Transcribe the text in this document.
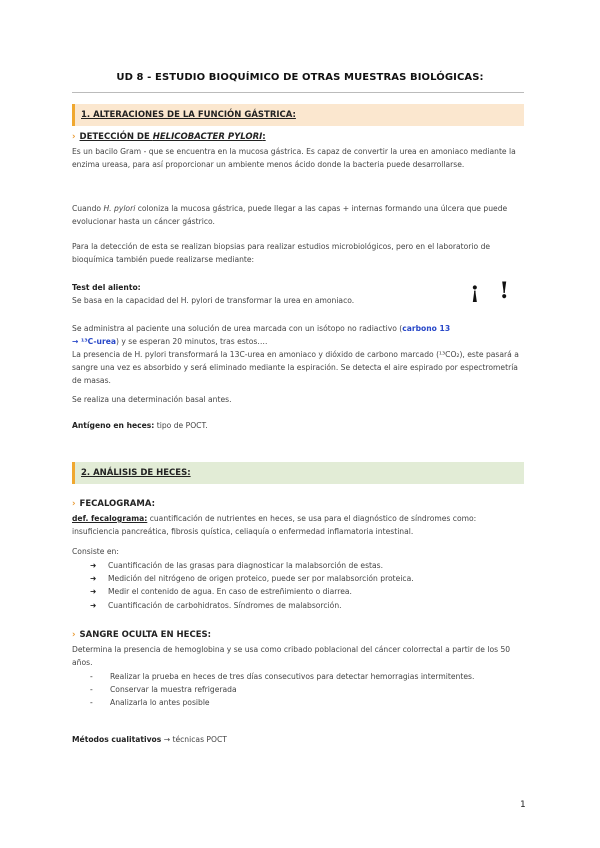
UD 8 - ESTUDIO BIOQUÍMICO DE OTRAS MUESTRAS BIOLÓGICAS:
1. ALTERACIONES DE LA FUNCIÓN GÁSTRICA:
› DETECCIÓN DE HELICOBACTER PYLORI:
Es un bacilo Gram - que se encuentra en la mucosa gástrica. Es capaz de convertir la urea en amoniaco mediante la enzima ureasa, para así proporcionar un ambiente menos ácido donde la bacteria puede desarrollarse.
Cuando H. pylori coloniza la mucosa gástrica, puede llegar a las capas + internas formando una úlcera que puede evolucionar hasta un cáncer gástrico.
Para la detección de esta se realizan biopsias para realizar estudios microbiológicos, pero en el laboratorio de bioquímica también puede realizarse mediante:
Test del aliento:
Se basa en la capacidad del H. pylori de transformar la urea en amoniaco.	¡ !
Se administra al paciente una solución de urea marcada con un isótopo no radiactivo (carbono 13
→ ¹³C-urea) y se esperan 20 minutos, tras estos….
La presencia de H. pylori transformará la 13C-urea en amoniaco y dióxido de carbono marcado (¹³CO₂), este pasará a sangre una vez es absorbido y será eliminado mediante la espiración. Se detecta el aire espirado por espectrometría de masas.
Se realiza una determinación basal antes.
Antígeno en heces: tipo de POCT.
2. ANÁLISIS DE HECES:
› FECALOGRAMA:
def. fecalograma: cuantificación de nutrientes en heces, se usa para el diagnóstico de síndromes como: insuficiencia pancreática, fibrosis quística, celiaquía o enfermedad inflamatoria intestinal.
Consiste en:
➜ Cuantificación de las grasas para diagnosticar la malabsorción de estas.
➜ Medición del nitrógeno de origen proteico, puede ser por malabsorción proteica.
➜ Medir el contenido de agua. En caso de estreñimiento o diarrea.
➜ Cuantificación de carbohidratos. Síndromes de malabsorción.
› SANGRE OCULTA EN HECES:
Determina la presencia de hemoglobina y se usa como cribado poblacional del cáncer colorrectal a partir de los 50 años.
- Realizar la prueba en heces de tres días consecutivos para detectar hemorragias intermitentes.
- Conservar la muestra refrigerada
- Analizarla lo antes posible
Métodos cualitativos → técnicas POCT
1
